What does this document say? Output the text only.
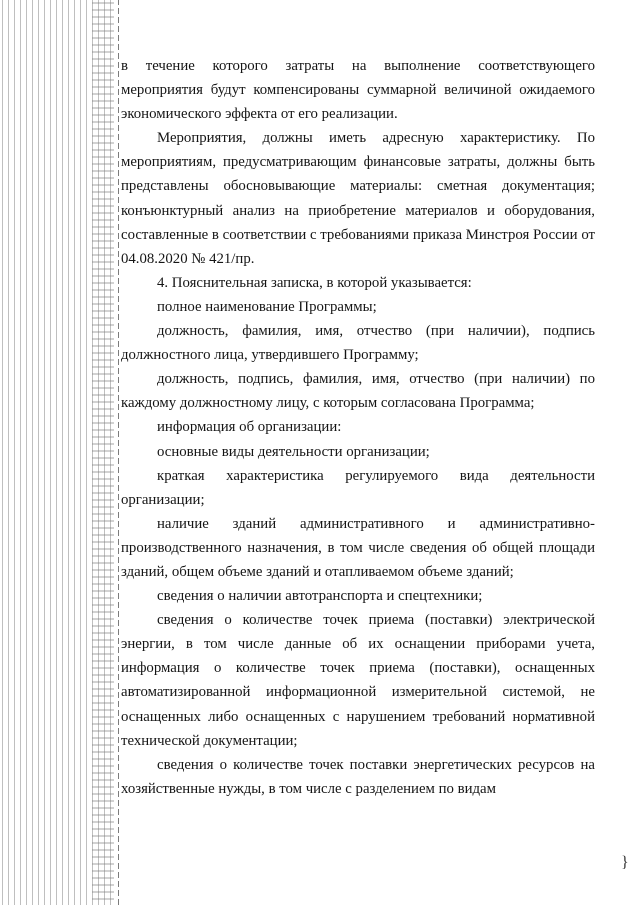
в течение которого затраты на выполнение соответствующего мероприятия будут компенсированы суммарной величиной ожидаемого экономического эффекта от его реализации.

Мероприятия, должны иметь адресную характеристику. По мероприятиям, предусматривающим финансовые затраты, должны быть представлены обосновывающие материалы: сметная документация; конъюнктурный анализ на приобретение материалов и оборудования, составленные в соответствии с требованиями приказа Минстроя России от 04.08.2020 № 421/пр.

4. Пояснительная записка, в которой указывается:

полное наименование Программы;

должность, фамилия, имя, отчество (при наличии), подпись должностного лица, утвердившего Программу;

должность, подпись, фамилия, имя, отчество (при наличии) по каждому должностному лицу, с которым согласована Программа;

информация об организации:

основные виды деятельности организации;

краткая характеристика регулируемого вида деятельности организации;

наличие зданий административного и административно-производственного назначения, в том числе сведения об общей площади зданий, общем объеме зданий и отапливаемом объеме зданий;

сведения о наличии автотранспорта и спецтехники;

сведения о количестве точек приема (поставки) электрической энергии, в том числе данные об их оснащении приборами учета, информация о количестве точек приема (поставки), оснащенных автоматизированной информационной измерительной системой, не оснащенных либо оснащенных с нарушением требований нормативной технической документации;

сведения о количестве точек поставки энергетических ресурсов на хозяйственные нужды, в том числе с разделением по видам

}
